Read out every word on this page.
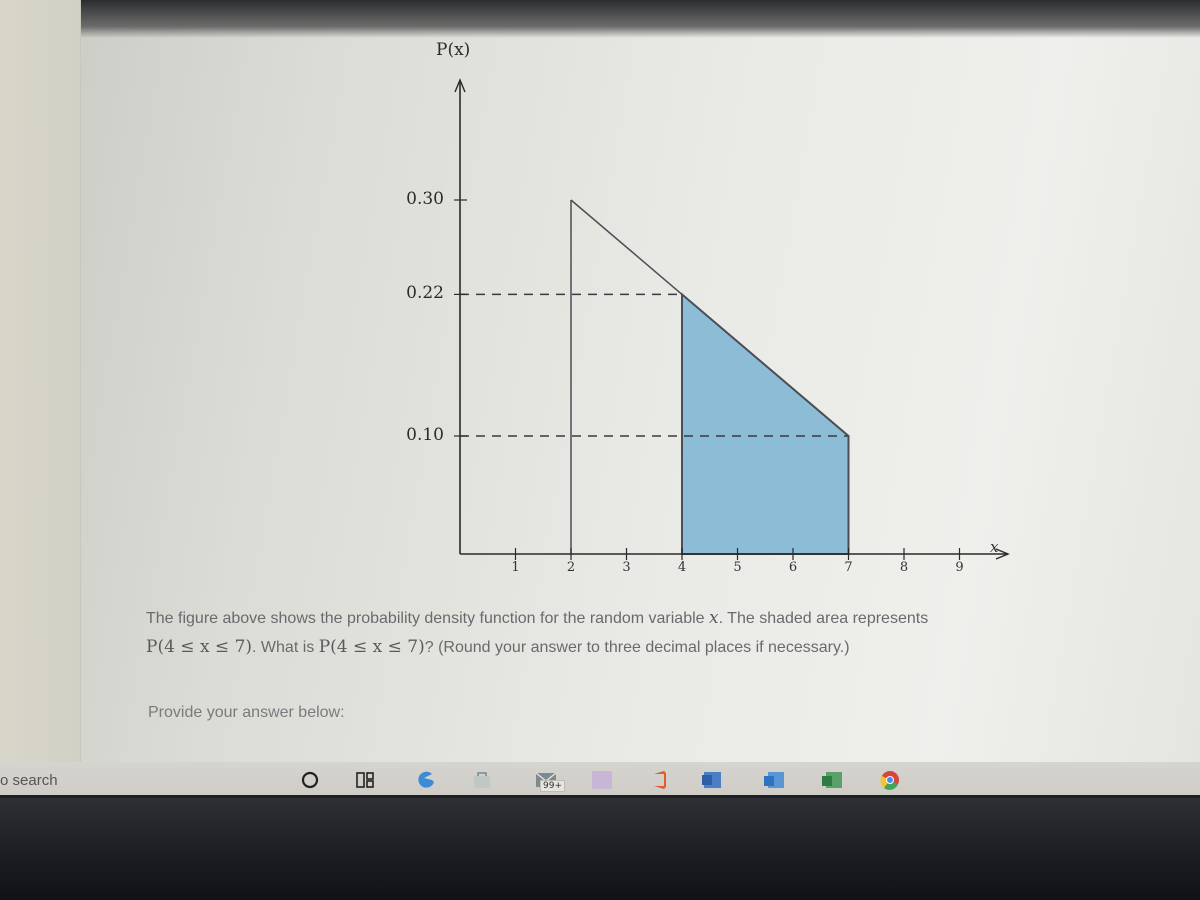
P(x)
x
1	2	3	4	5	6	7	8	9
0.30
0.22
0.10
The figure above shows the probability density function for the random variable x. The shaded area represents
P(4 ≤ x ≤ 7). What is P(4 ≤ x ≤ 7)? (Round your answer to three decimal places if necessary.)
Provide your answer below:
o search	99+
